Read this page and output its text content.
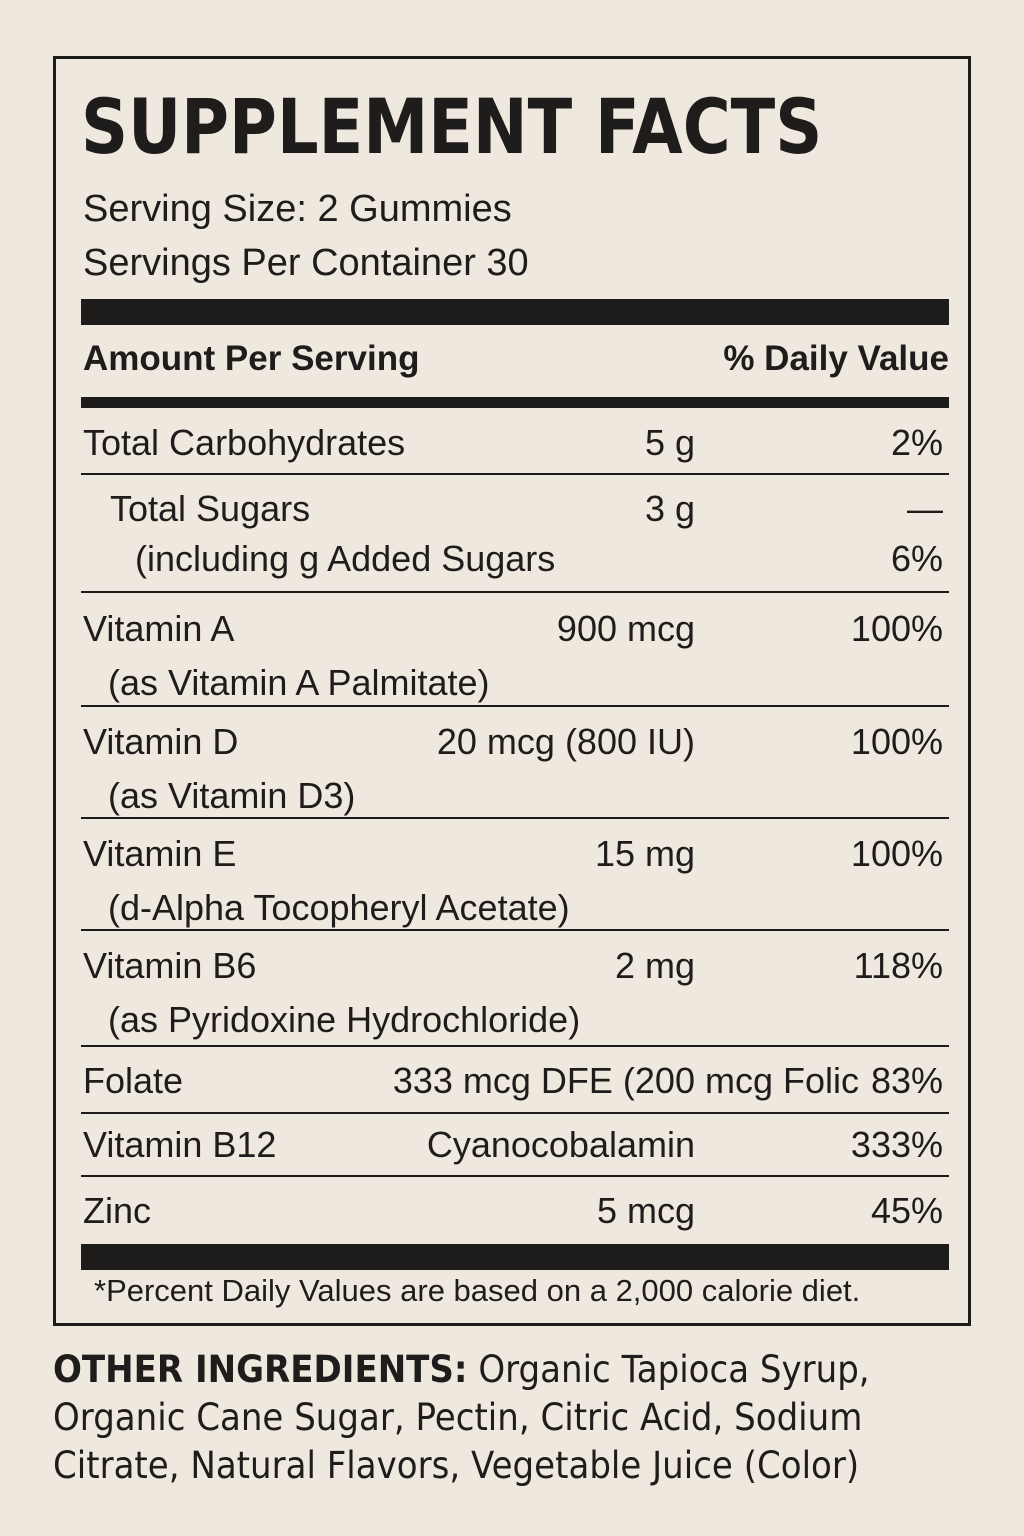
SUPPLEMENT FACTS
Serving Size: 2 Gummies
Servings Per Container 30
Amount Per Serving	% Daily Value
Total Carbohydrates	5 g	2%
Total Sugars	3 g	—
(including g Added Sugars	6%
Vitamin A	900 mcg	100%
(as Vitamin A Palmitate)
Vitamin D	20 mcg (800 IU)	100%
(as Vitamin D3)
Vitamin E	15 mg	100%
(d-Alpha Tocopheryl Acetate)
Vitamin B6	2 mg	118%
(as Pyridoxine Hydrochloride)
Folate	333 mcg DFE (200 mcg Folic 83%
Vitamin B12	Cyanocobalamin	333%
Zinc	5 mcg	45%
*Percent Daily Values are based on a 2,000 calorie diet.
OTHER INGREDIENTS: Organic Tapioca Syrup,
Organic Cane Sugar, Pectin, Citric Acid, Sodium
Citrate, Natural Flavors, Vegetable Juice (Color)
